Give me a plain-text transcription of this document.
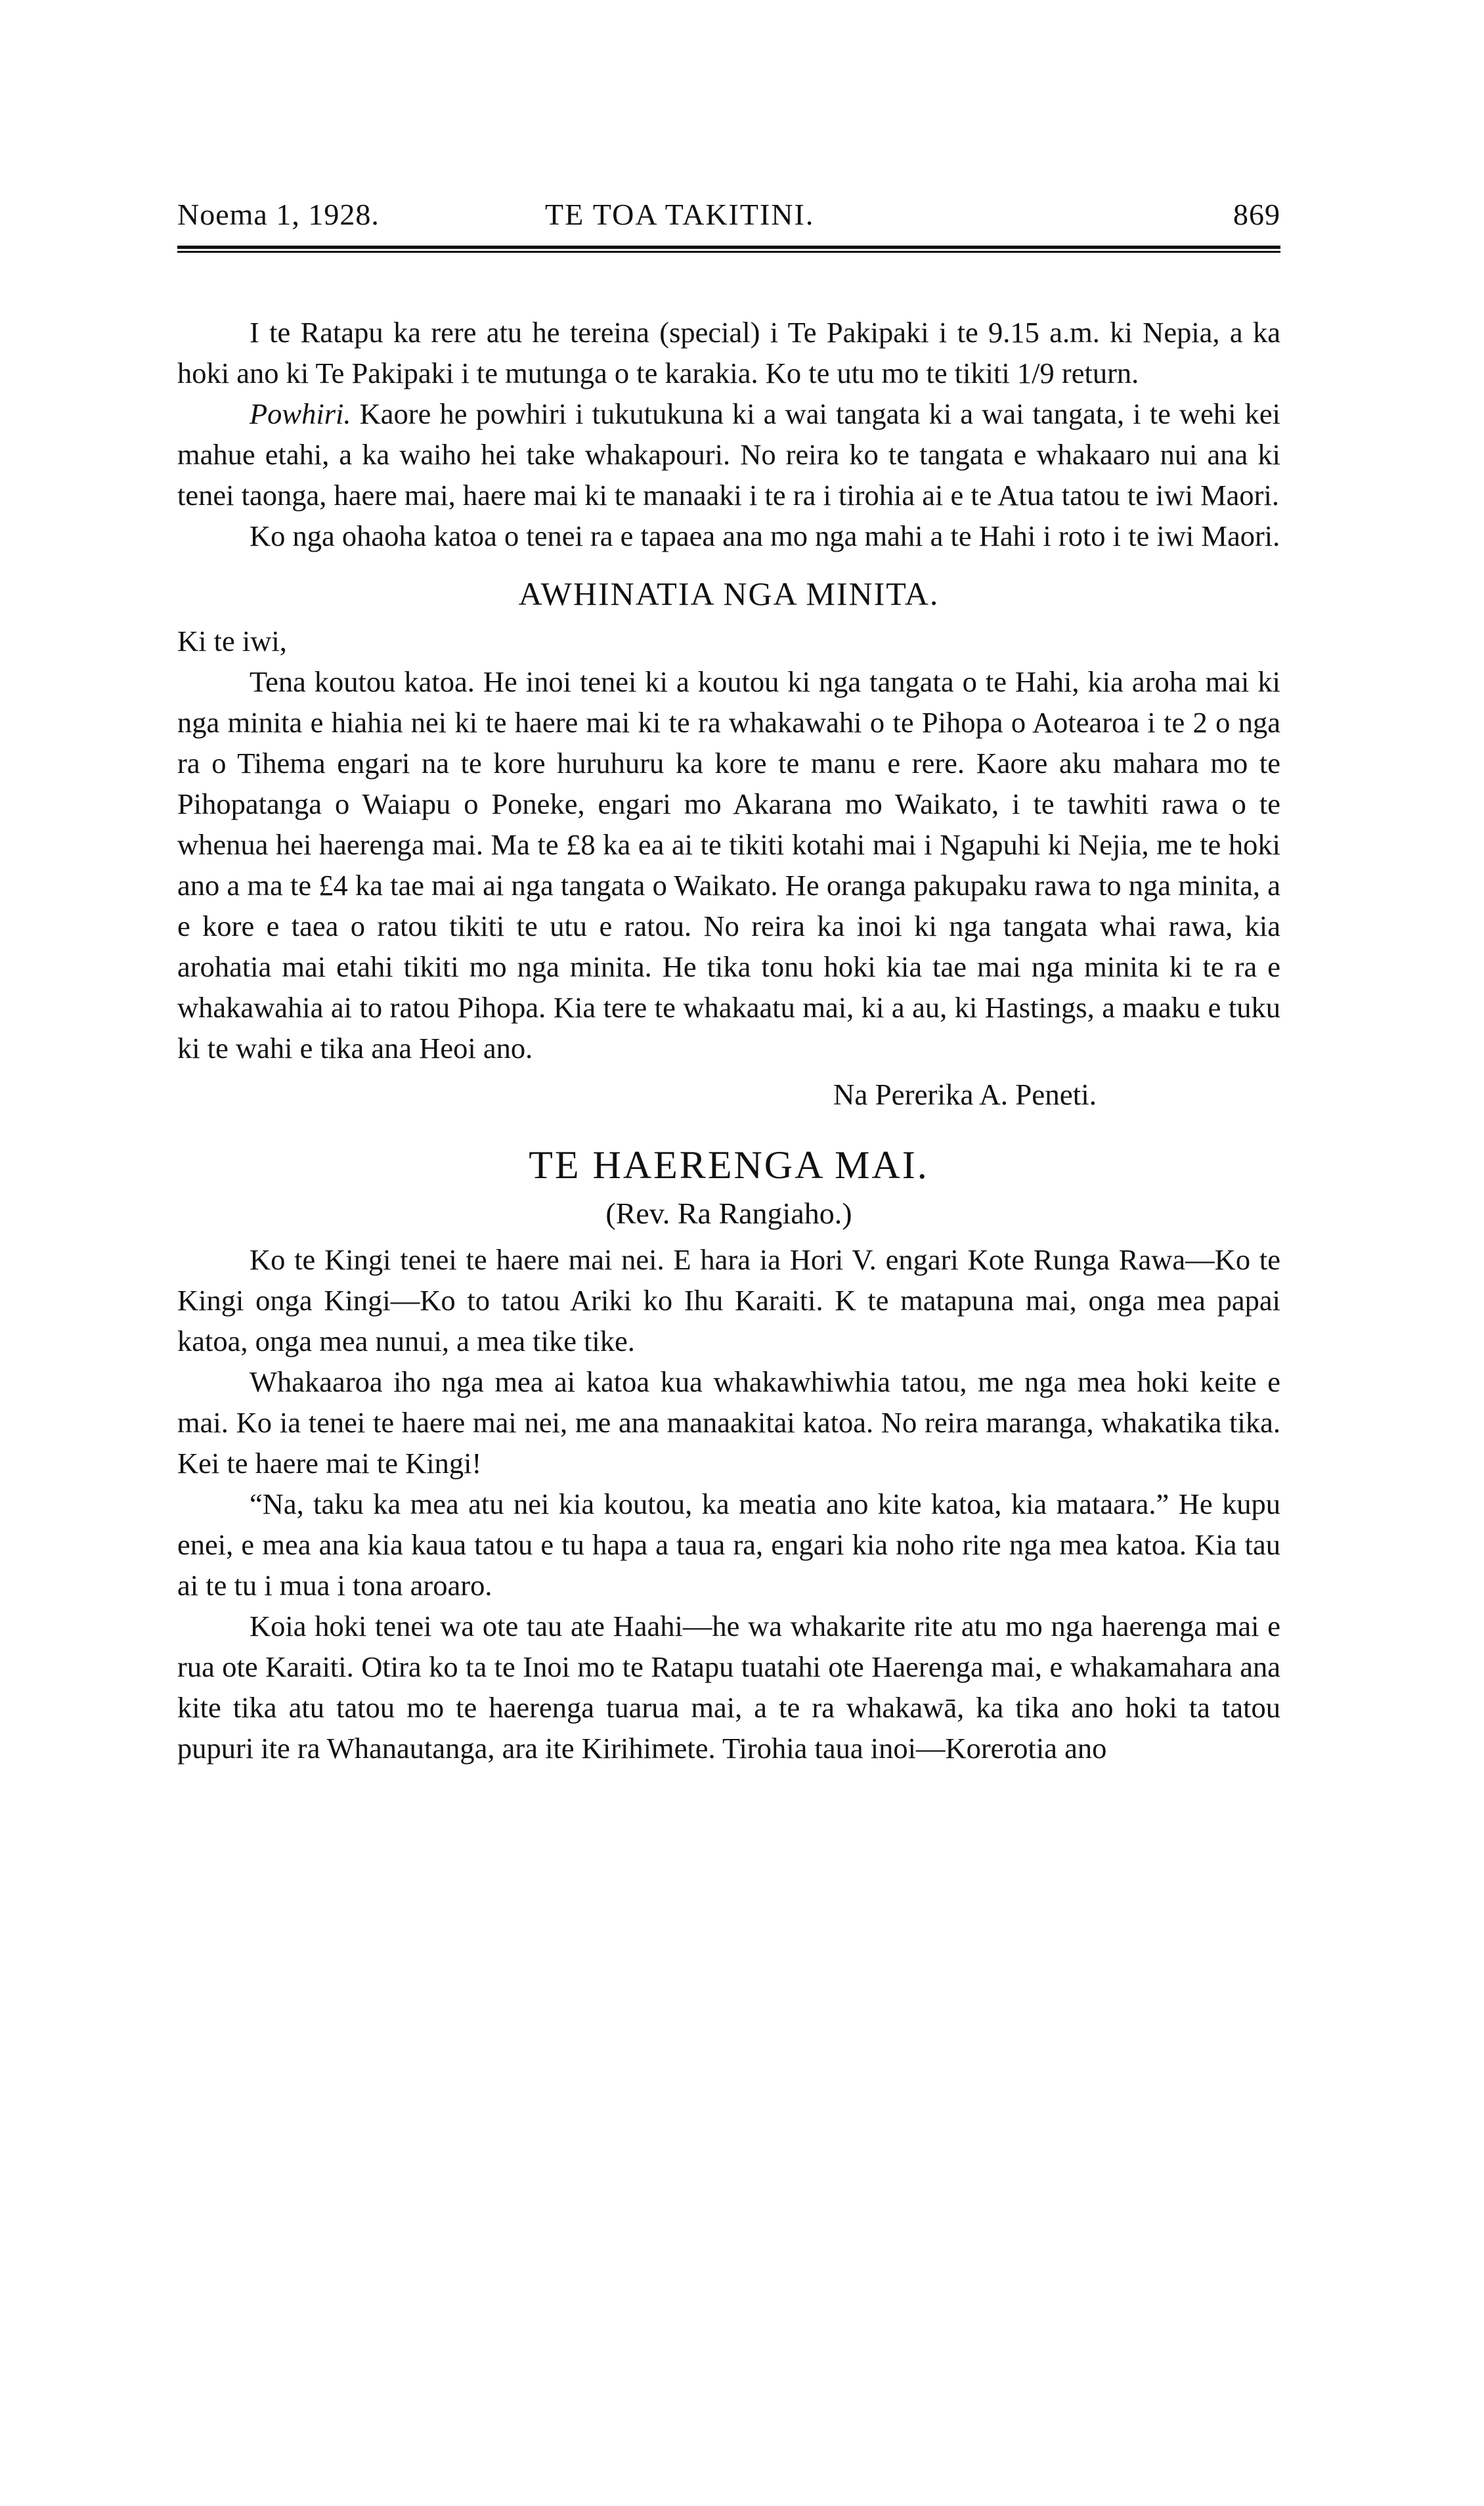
Noema 1, 1928.	TE TOA TAKITINI.	869

I te Ratapu ka rere atu he tereina (special) i Te Pakipaki i te 9.15 a.m. ki Nepia, a ka hoki ano ki Te Pakipaki i te mutunga o te karakia. Ko te utu mo te tikiti 1/9 return.

Powhiri. Kaore he powhiri i tukutukuna ki a wai tangata ki a wai tangata, i te wehi kei mahue etahi, a ka waiho hei take whakapouri. No reira ko te tangata e whakaaro nui ana ki tenei taonga, haere mai, haere mai ki te manaaki i te ra i tirohia ai e te Atua tatou te iwi Maori.

Ko nga ohaoha katoa o tenei ra e tapaea ana mo nga mahi a te Hahi i roto i te iwi Maori.

AWHINATIA NGA MINITA.

Ki te iwi,

Tena koutou katoa. He inoi tenei ki a koutou ki nga tangata o te Hahi, kia aroha mai ki nga minita e hiahia nei ki te haere mai ki te ra whakawahi o te Pihopa o Aotearoa i te 2 o nga ra o Tihema engari na te kore huruhuru ka kore te manu e rere. Kaore aku mahara mo te Pihopatanga o Waiapu o Poneke, engari mo Akarana mo Waikato, i te tawhiti rawa o te whenua hei haerenga mai. Ma te £8 ka ea ai te tikiti kotahi mai i Ngapuhi ki Nejia, me te hoki ano a ma te £4 ka tae mai ai nga tangata o Waikato. He oranga pakupaku rawa to nga minita, a e kore e taea o ratou tikiti te utu e ratou. No reira ka inoi ki nga tangata whai rawa, kia arohatia mai etahi tikiti mo nga minita. He tika tonu hoki kia tae mai nga minita ki te ra e whakawahia ai to ratou Pihopa. Kia tere te whakaatu mai, ki a au, ki Hastings, a maaku e tuku ki te wahi e tika ana Heoi ano.

Na Pererika A. Peneti.
TE HAERENGA MAI.
(Rev. Ra Rangiaho.)

Ko te Kingi tenei te haere mai nei. E hara ia Hori V. engari Kote Runga Rawa—Ko te Kingi onga Kingi—Ko to tatou Ariki ko Ihu Karaiti. K te matapuna mai, onga mea papai katoa, onga mea nunui, a mea tike tike.

Whakaaroa iho nga mea ai katoa kua whakawhiwhia tatou, me nga mea hoki keite e mai. Ko ia tenei te haere mai nei, me ana manaakitai katoa. No reira maranga, whakatika tika. Kei te haere mai te Kingi!

“Na, taku ka mea atu nei kia koutou, ka meatia ano kite katoa, kia mataara.” He kupu enei, e mea ana kia kaua tatou e tu hapa a taua ra, engari kia noho rite nga mea katoa. Kia tau ai te tu i mua i tona aroaro.

Koia hoki tenei wa ote tau ate Haahi—he wa whakarite rite atu mo nga haerenga mai e rua ote Karaiti. Otira ko ta te Inoi mo te Ratapu tuatahi ote Haerenga mai, e whakamahara ana kite tika atu tatou mo te haerenga tuarua mai, a te ra whakawā, ka tika ano hoki ta tatou pupuri ite ra Whanautanga, ara ite Kirihimete. Tirohia taua inoi—Korerotia ano
